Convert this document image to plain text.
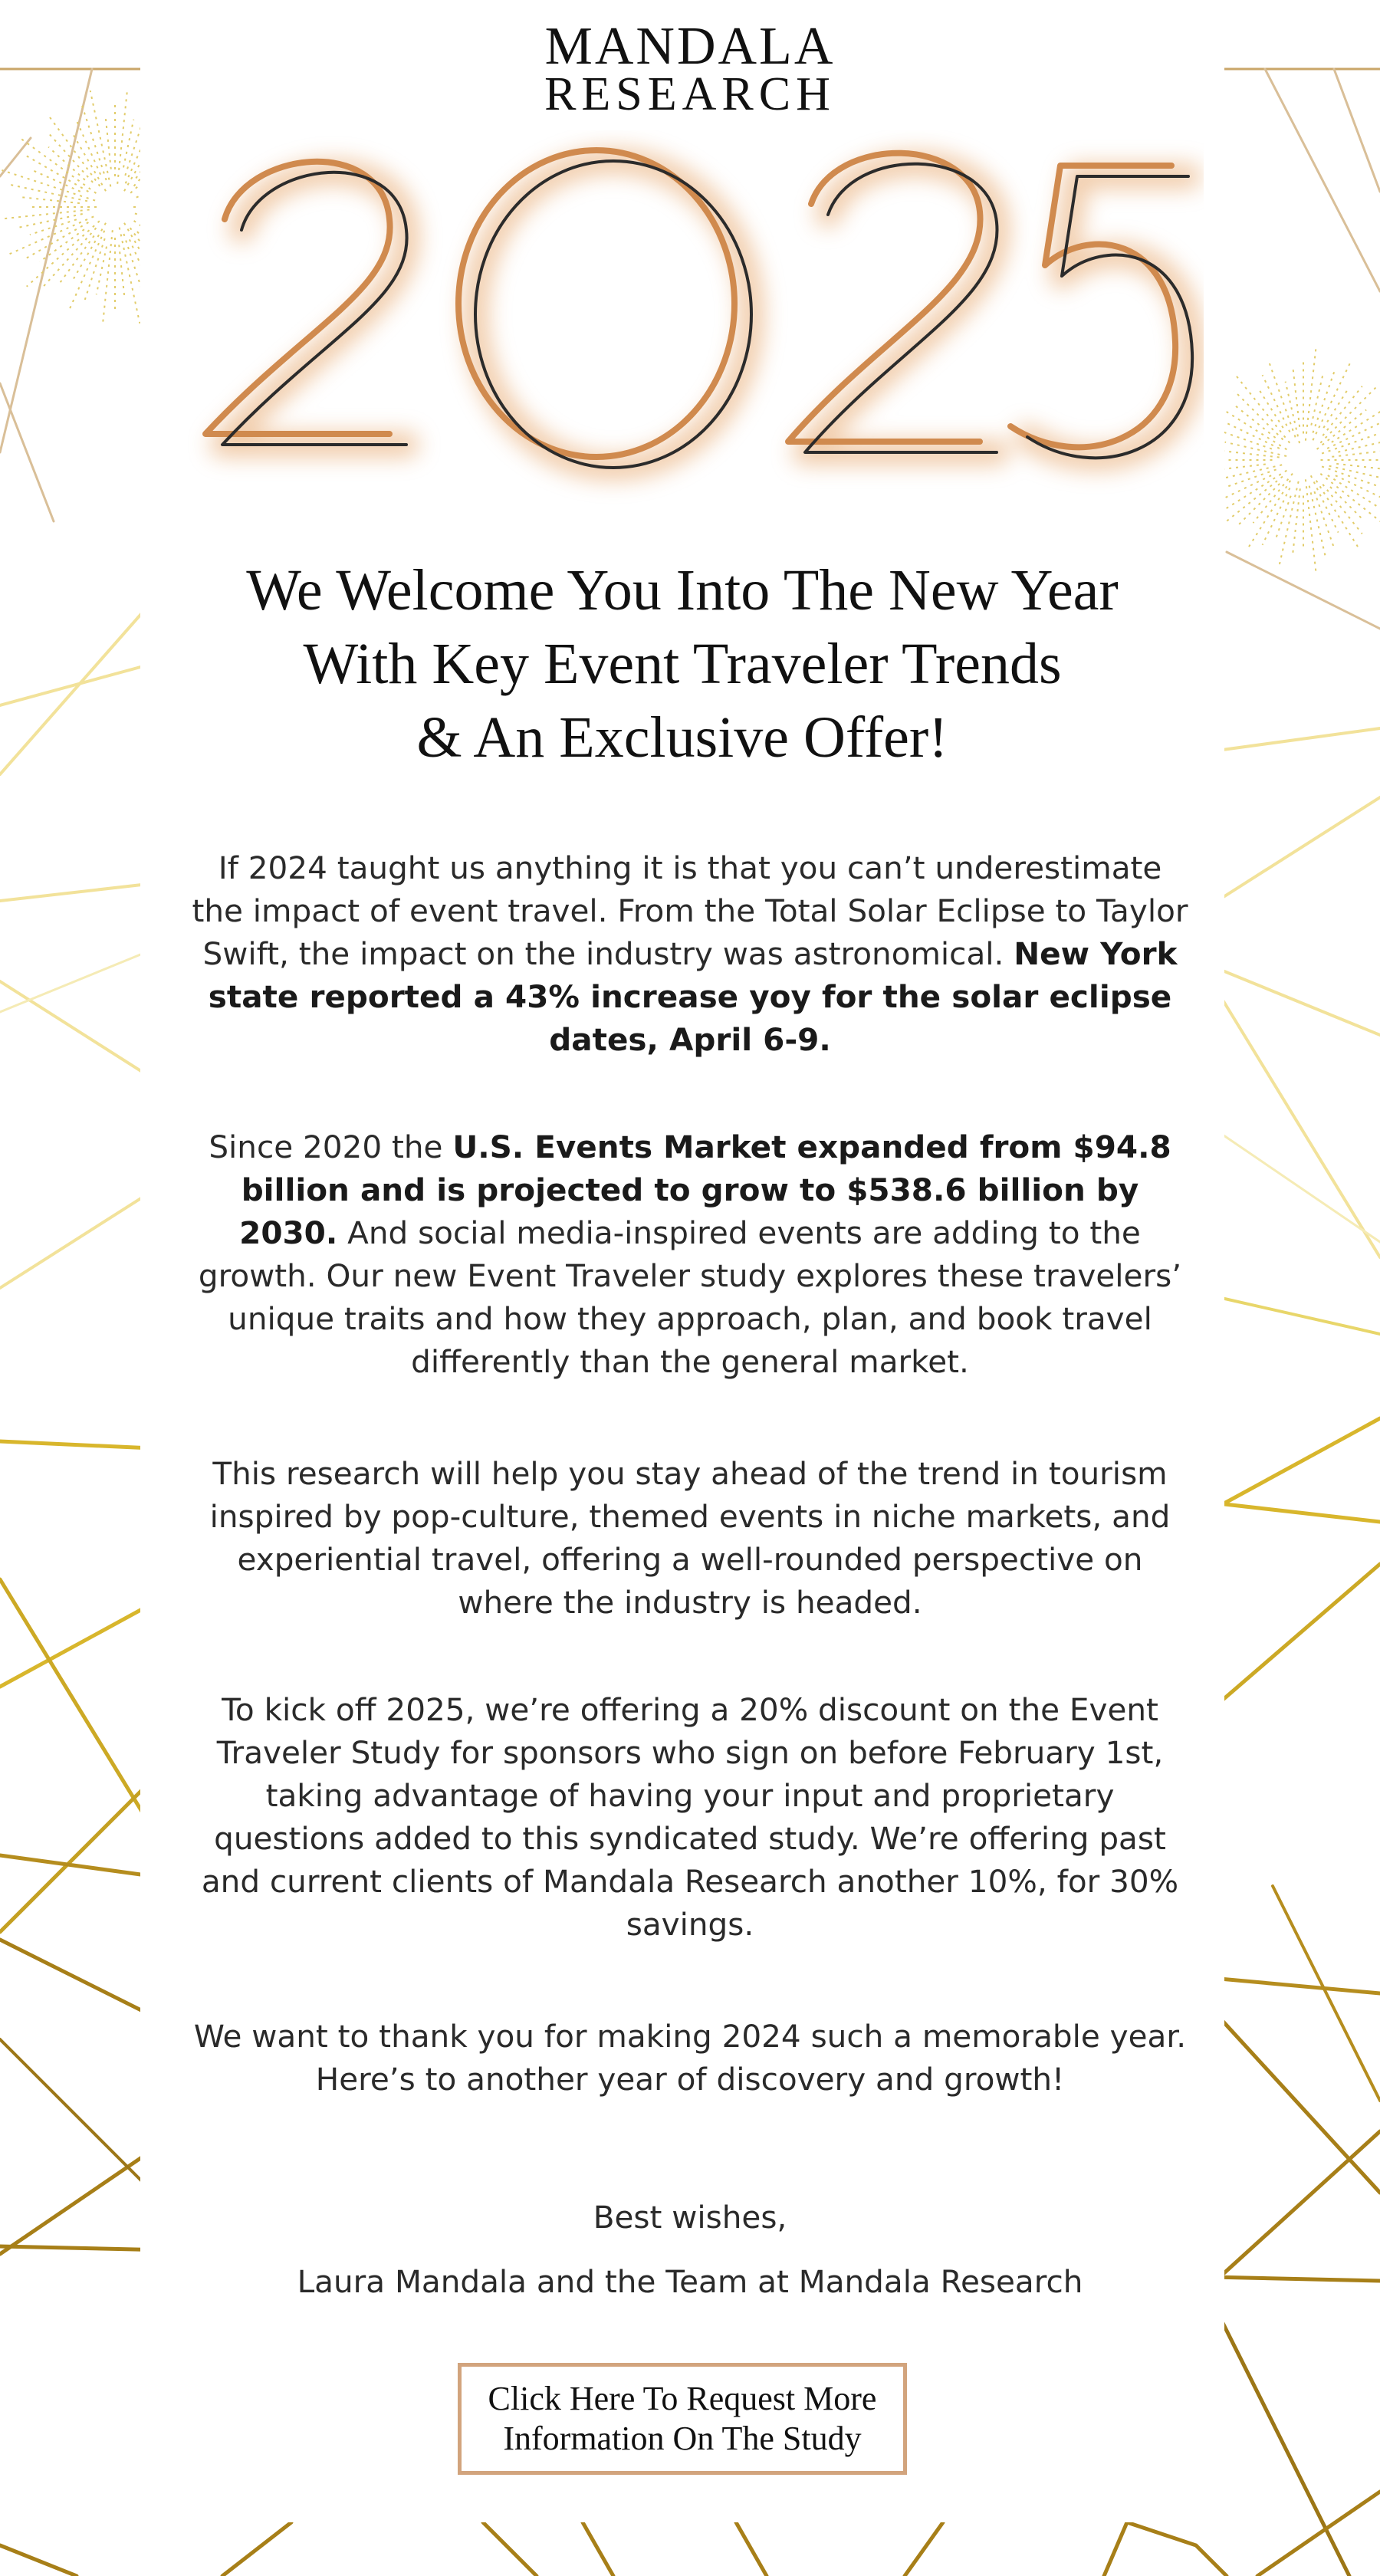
MANDALA
RESEARCH
We Welcome You Into The New Year
With Key Event Traveler Trends
& An Exclusive Offer!

If 2024 taught us anything it is that you can’t underestimate the impact of event travel. From the Total Solar Eclipse to Taylor Swift, the impact on the industry was astronomical. New York state reported a 43% increase yoy for the solar eclipse dates, April 6-9.

Since 2020 the U.S. Events Market expanded from $94.8 billion and is projected to grow to $538.6 billion by 2030. And social media-inspired events are adding to the growth. Our new Event Traveler study explores these travelers’ unique traits and how they approach, plan, and book travel differently than the general market.

This research will help you stay ahead of the trend in tourism inspired by pop-culture, themed events in niche markets, and experiential travel, offering a well-rounded perspective on where the industry is headed.

To kick off 2025, we’re offering a 20% discount on the Event Traveler Study for sponsors who sign on before February 1st, taking advantage of having your input and proprietary questions added to this syndicated study. We’re offering past and current clients of Mandala Research another 10%, for 30% savings.

We want to thank you for making 2024 such a memorable year. Here’s to another year of discovery and growth!

Best wishes,

Laura Mandala and the Team at Mandala Research

Click Here To Request More
Information On The Study
